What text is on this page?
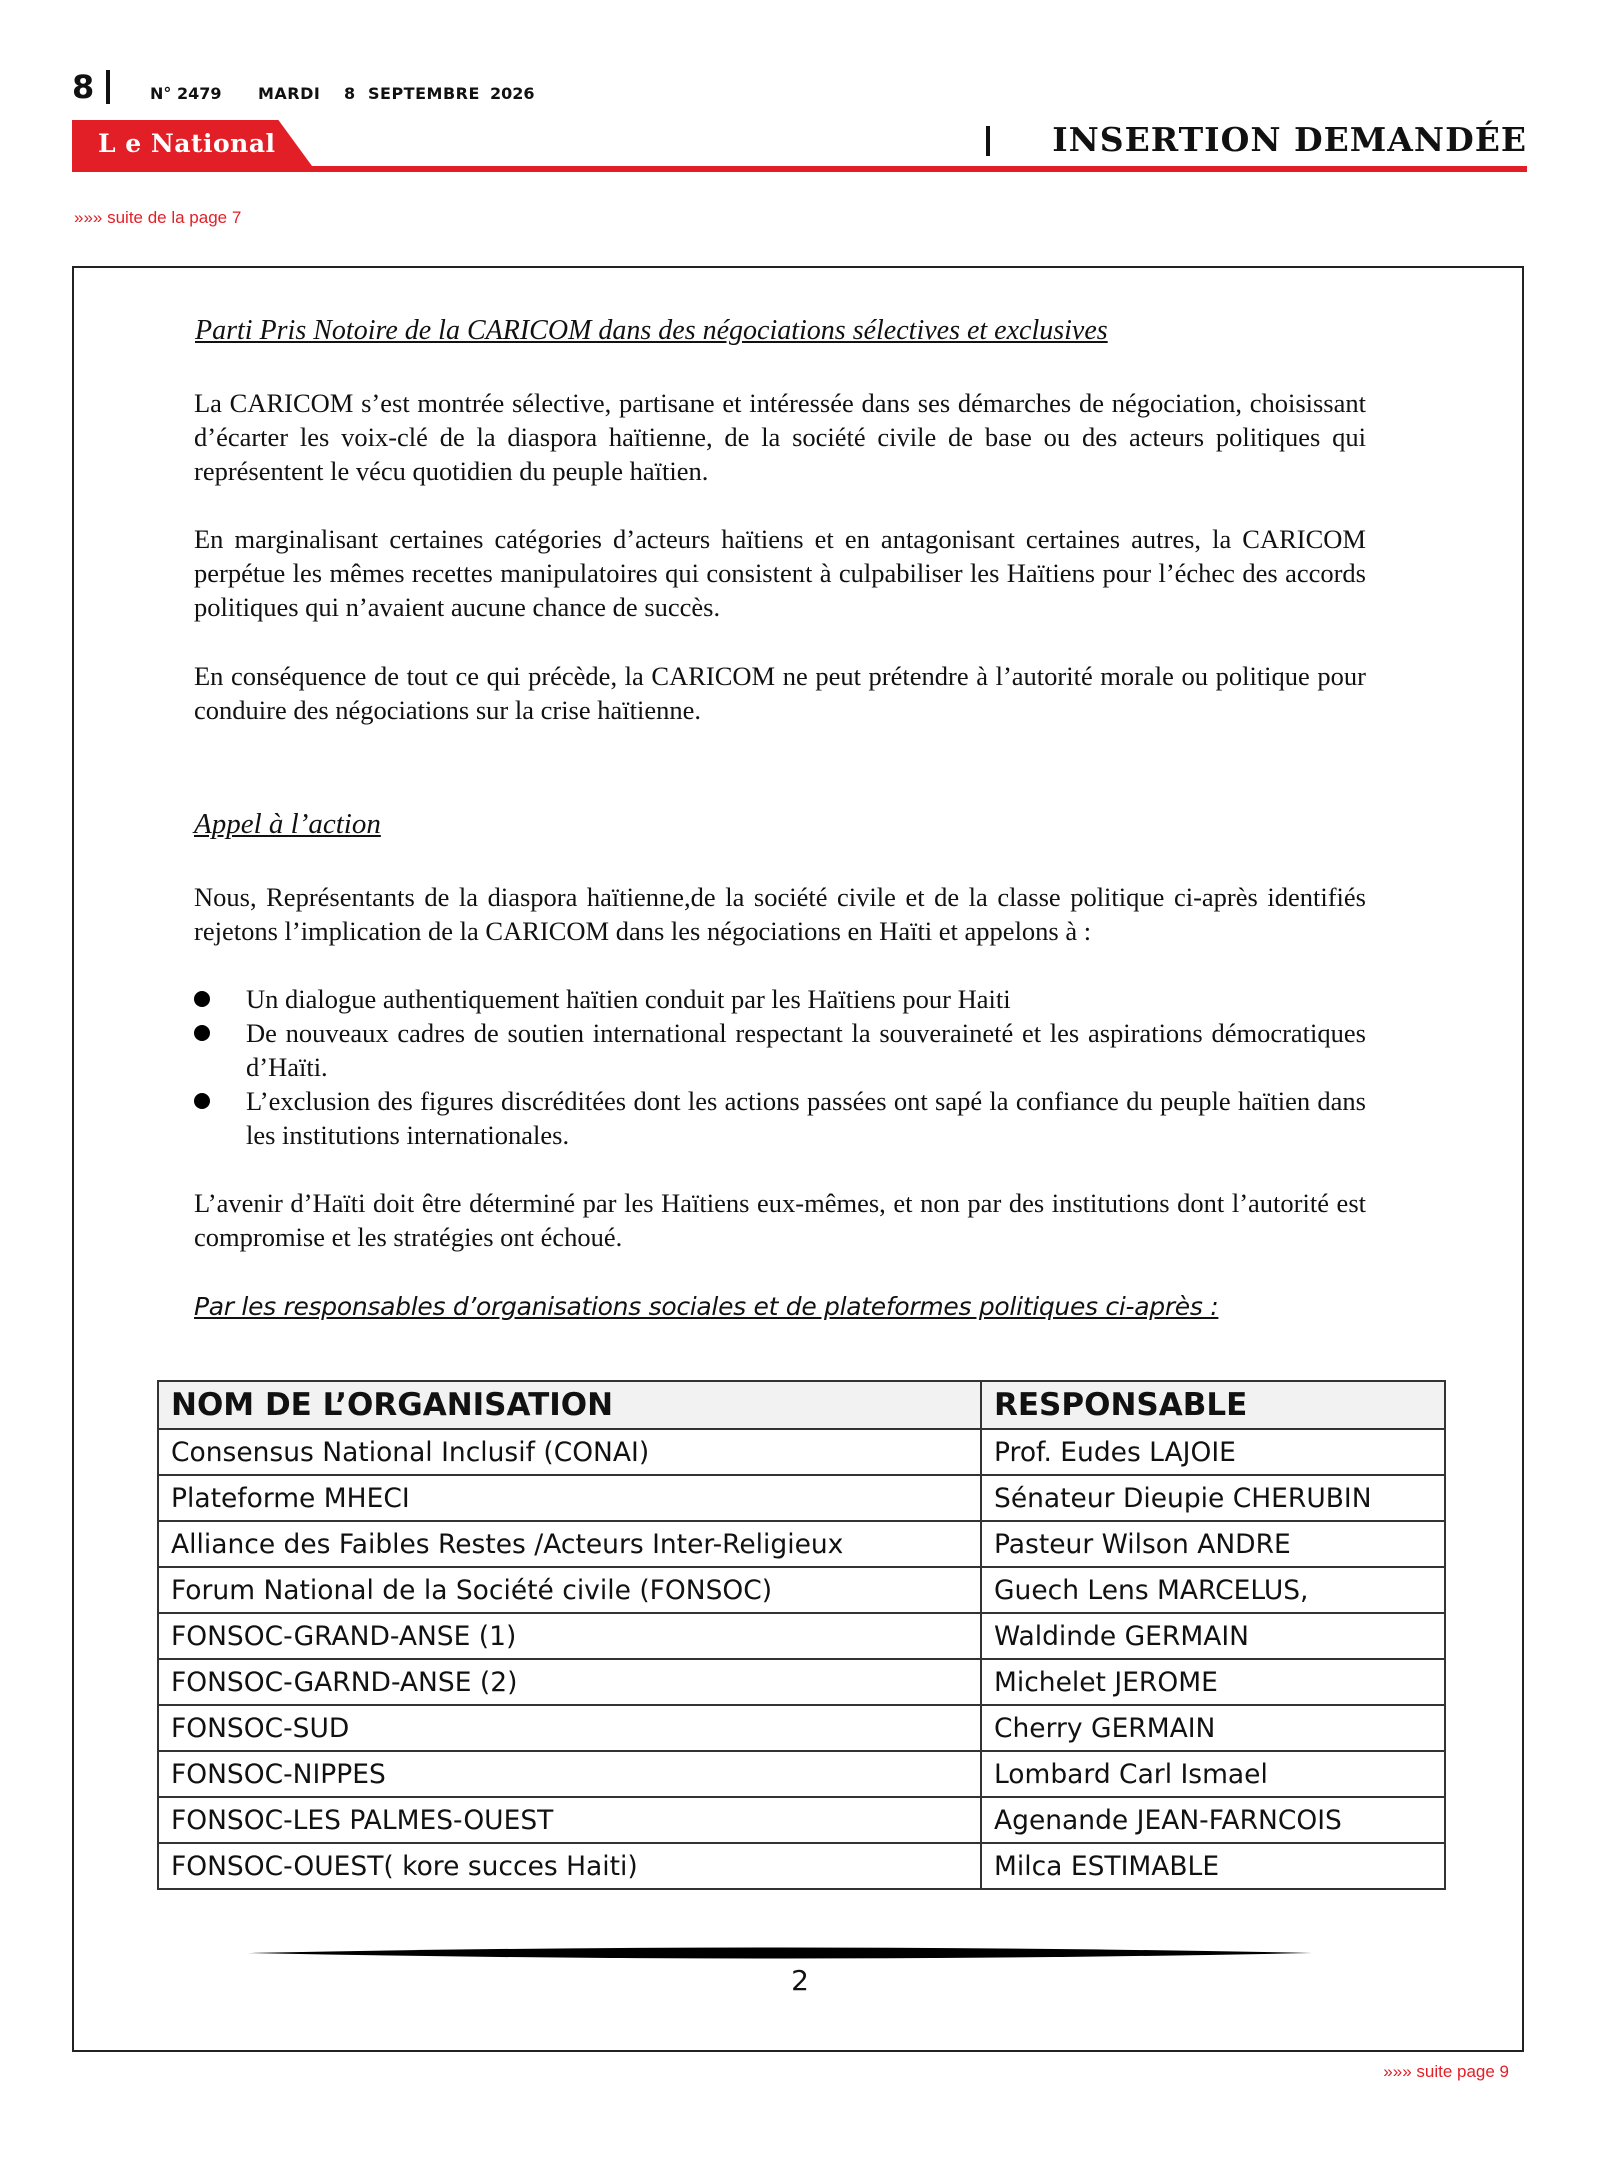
8	N° 2479 MARDI 8 SEPTEMBRE 2026
L e National	INSERTION DEMANDÉE
»»» suite de la page 7
Parti Pris Notoire de la CARICOM dans des négociations sélectives et exclusives

La CARICOM s’est montrée sélective, partisane et intéressée dans ses démarches de négociation, choisissant d’écarter les voix-clé de la diaspora haïtienne, de la société civile de base ou des acteurs politiques qui représentent le vécu quotidien du peuple haïtien.

En marginalisant certaines catégories d’acteurs haïtiens et en antagonisant certaines autres, la CARICOM perpétue les mêmes recettes manipulatoires qui consistent à culpabiliser les Haïtiens pour l’échec des accords politiques qui n’avaient aucune chance de succès.

En conséquence de tout ce qui précède, la CARICOM ne peut prétendre à l’autorité morale ou politique pour conduire des négociations sur la crise haïtienne.

Appel à l’action

Nous, Représentants de la diaspora haïtienne,de la société civile et de la classe politique ci-après identifiés rejetons l’implication de la CARICOM dans les négociations en Haïti et appelons à :

Un dialogue authentiquement haïtien conduit par les Haïtiens pour Haiti
De nouveaux cadres de soutien international respectant la souveraineté et les aspirations démocratiques d’Haïti.
L’exclusion des figures discréditées dont les actions passées ont sapé la confiance du peuple haïtien dans les institutions internationales.

L’avenir d’Haïti doit être déterminé par les Haïtiens eux-mêmes, et non par des institutions dont l’autorité est compromise et les stratégies ont échoué.

Par les responsables d’organisations sociales et de plateformes politiques ci-après :
NOM DE L’ORGANISATION	RESPONSABLE
Consensus National Inclusif (CONAI)	Prof. Eudes LAJOIE
Plateforme MHECI	Sénateur Dieupie CHERUBIN
Alliance des Faibles Restes /Acteurs Inter-Religieux	Pasteur Wilson ANDRE
Forum National de la Société civile (FONSOC)	Guech Lens MARCELUS,
FONSOC-GRAND-ANSE (1)	Waldinde GERMAIN
FONSOC-GARND-ANSE (2)	Michelet JEROME
FONSOC-SUD	Cherry GERMAIN
FONSOC-NIPPES	Lombard Carl Ismael
FONSOC-LES PALMES-OUEST	Agenande JEAN-FARNCOIS
FONSOC-OUEST( kore succes Haiti)	Milca ESTIMABLE
2
»»» suite page 9
